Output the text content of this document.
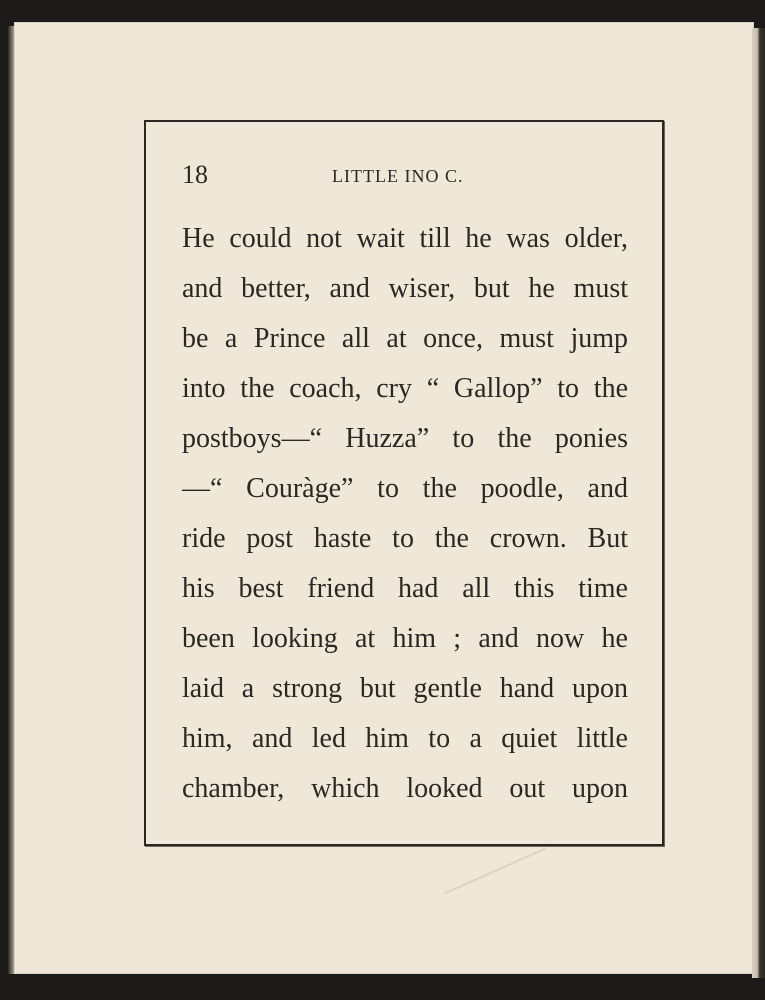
18	LITTLE INO C.
He could not wait till he was older,
and better, and wiser, but he must
be a Prince all at once, must jump
into the coach, cry “ Gallop” to the
postboys—“ Huzza” to the ponies
—“ Couràge” to the poodle, and
ride post haste to the crown. But
his best friend had all this time
been looking at him ; and now he
laid a strong but gentle hand upon
him, and led him to a quiet little
chamber, which looked out upon
